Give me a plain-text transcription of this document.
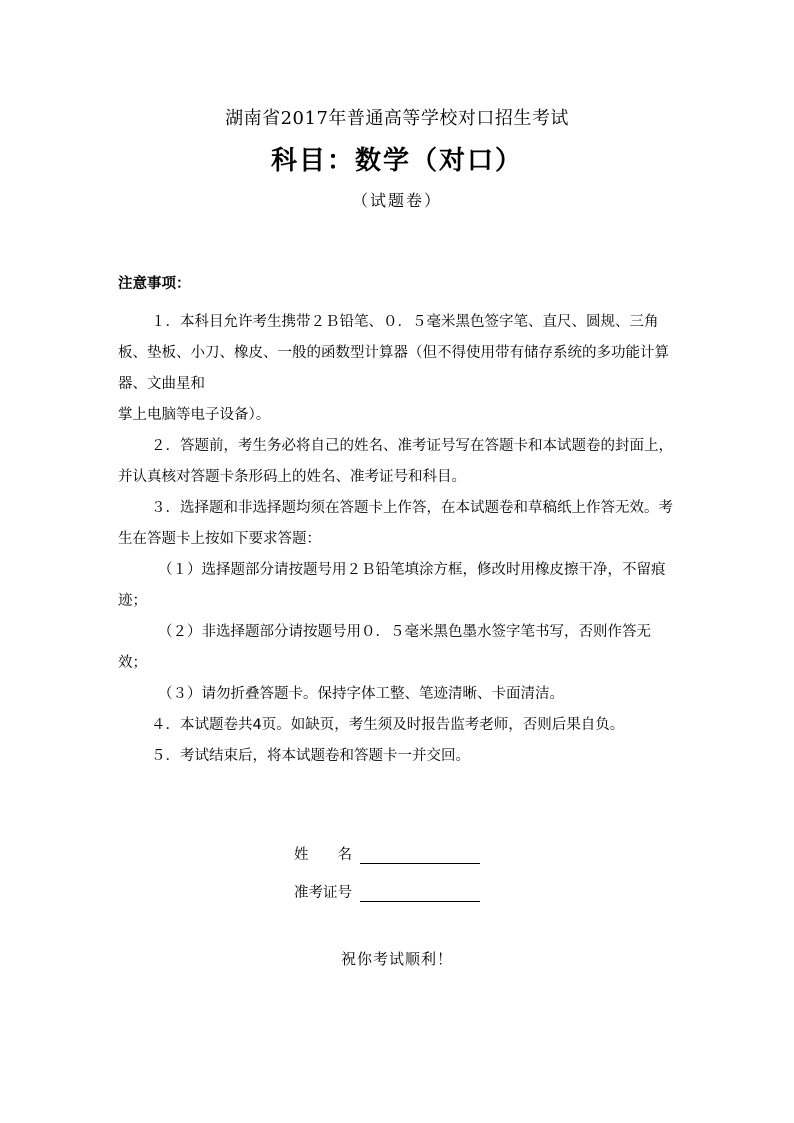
湖南省2017年普通高等学校对口招生考试
科目：数学（对口）
（试题卷）

注意事项：

１．本科目允许考生携带２Ｂ铅笔、０．５毫米黑色签字笔、直尺、圆规、三角板、垫板、小刀、橡皮、一般的函数型计算器（但不得使用带有储存系统的多功能计算器、文曲星和

掌上电脑等电子设备）。

２．答题前，考生务必将自己的姓名、准考证号写在答题卡和本试题卷的封面上，并认真核对答题卡条形码上的姓名、准考证号和科目。

３．选择题和非选择题均须在答题卡上作答，在本试题卷和草稿纸上作答无效。考生在答题卡上按如下要求答题：

（１）选择题部分请按题号用２Ｂ铅笔填涂方框，修改时用橡皮擦干净，不留痕迹；

（２）非选择题部分请按题号用０．５毫米黑色墨水签字笔书写，否则作答无效；

（３）请勿折叠答题卡。保持字体工整、笔迹清晰、卡面清洁。

４．本试题卷共4页。如缺页，考生须及时报告监考老师，否则后果自负。

５．考试结束后，将本试题卷和答题卡一并交回。

姓　　名
准考证号
祝你考试顺利！
